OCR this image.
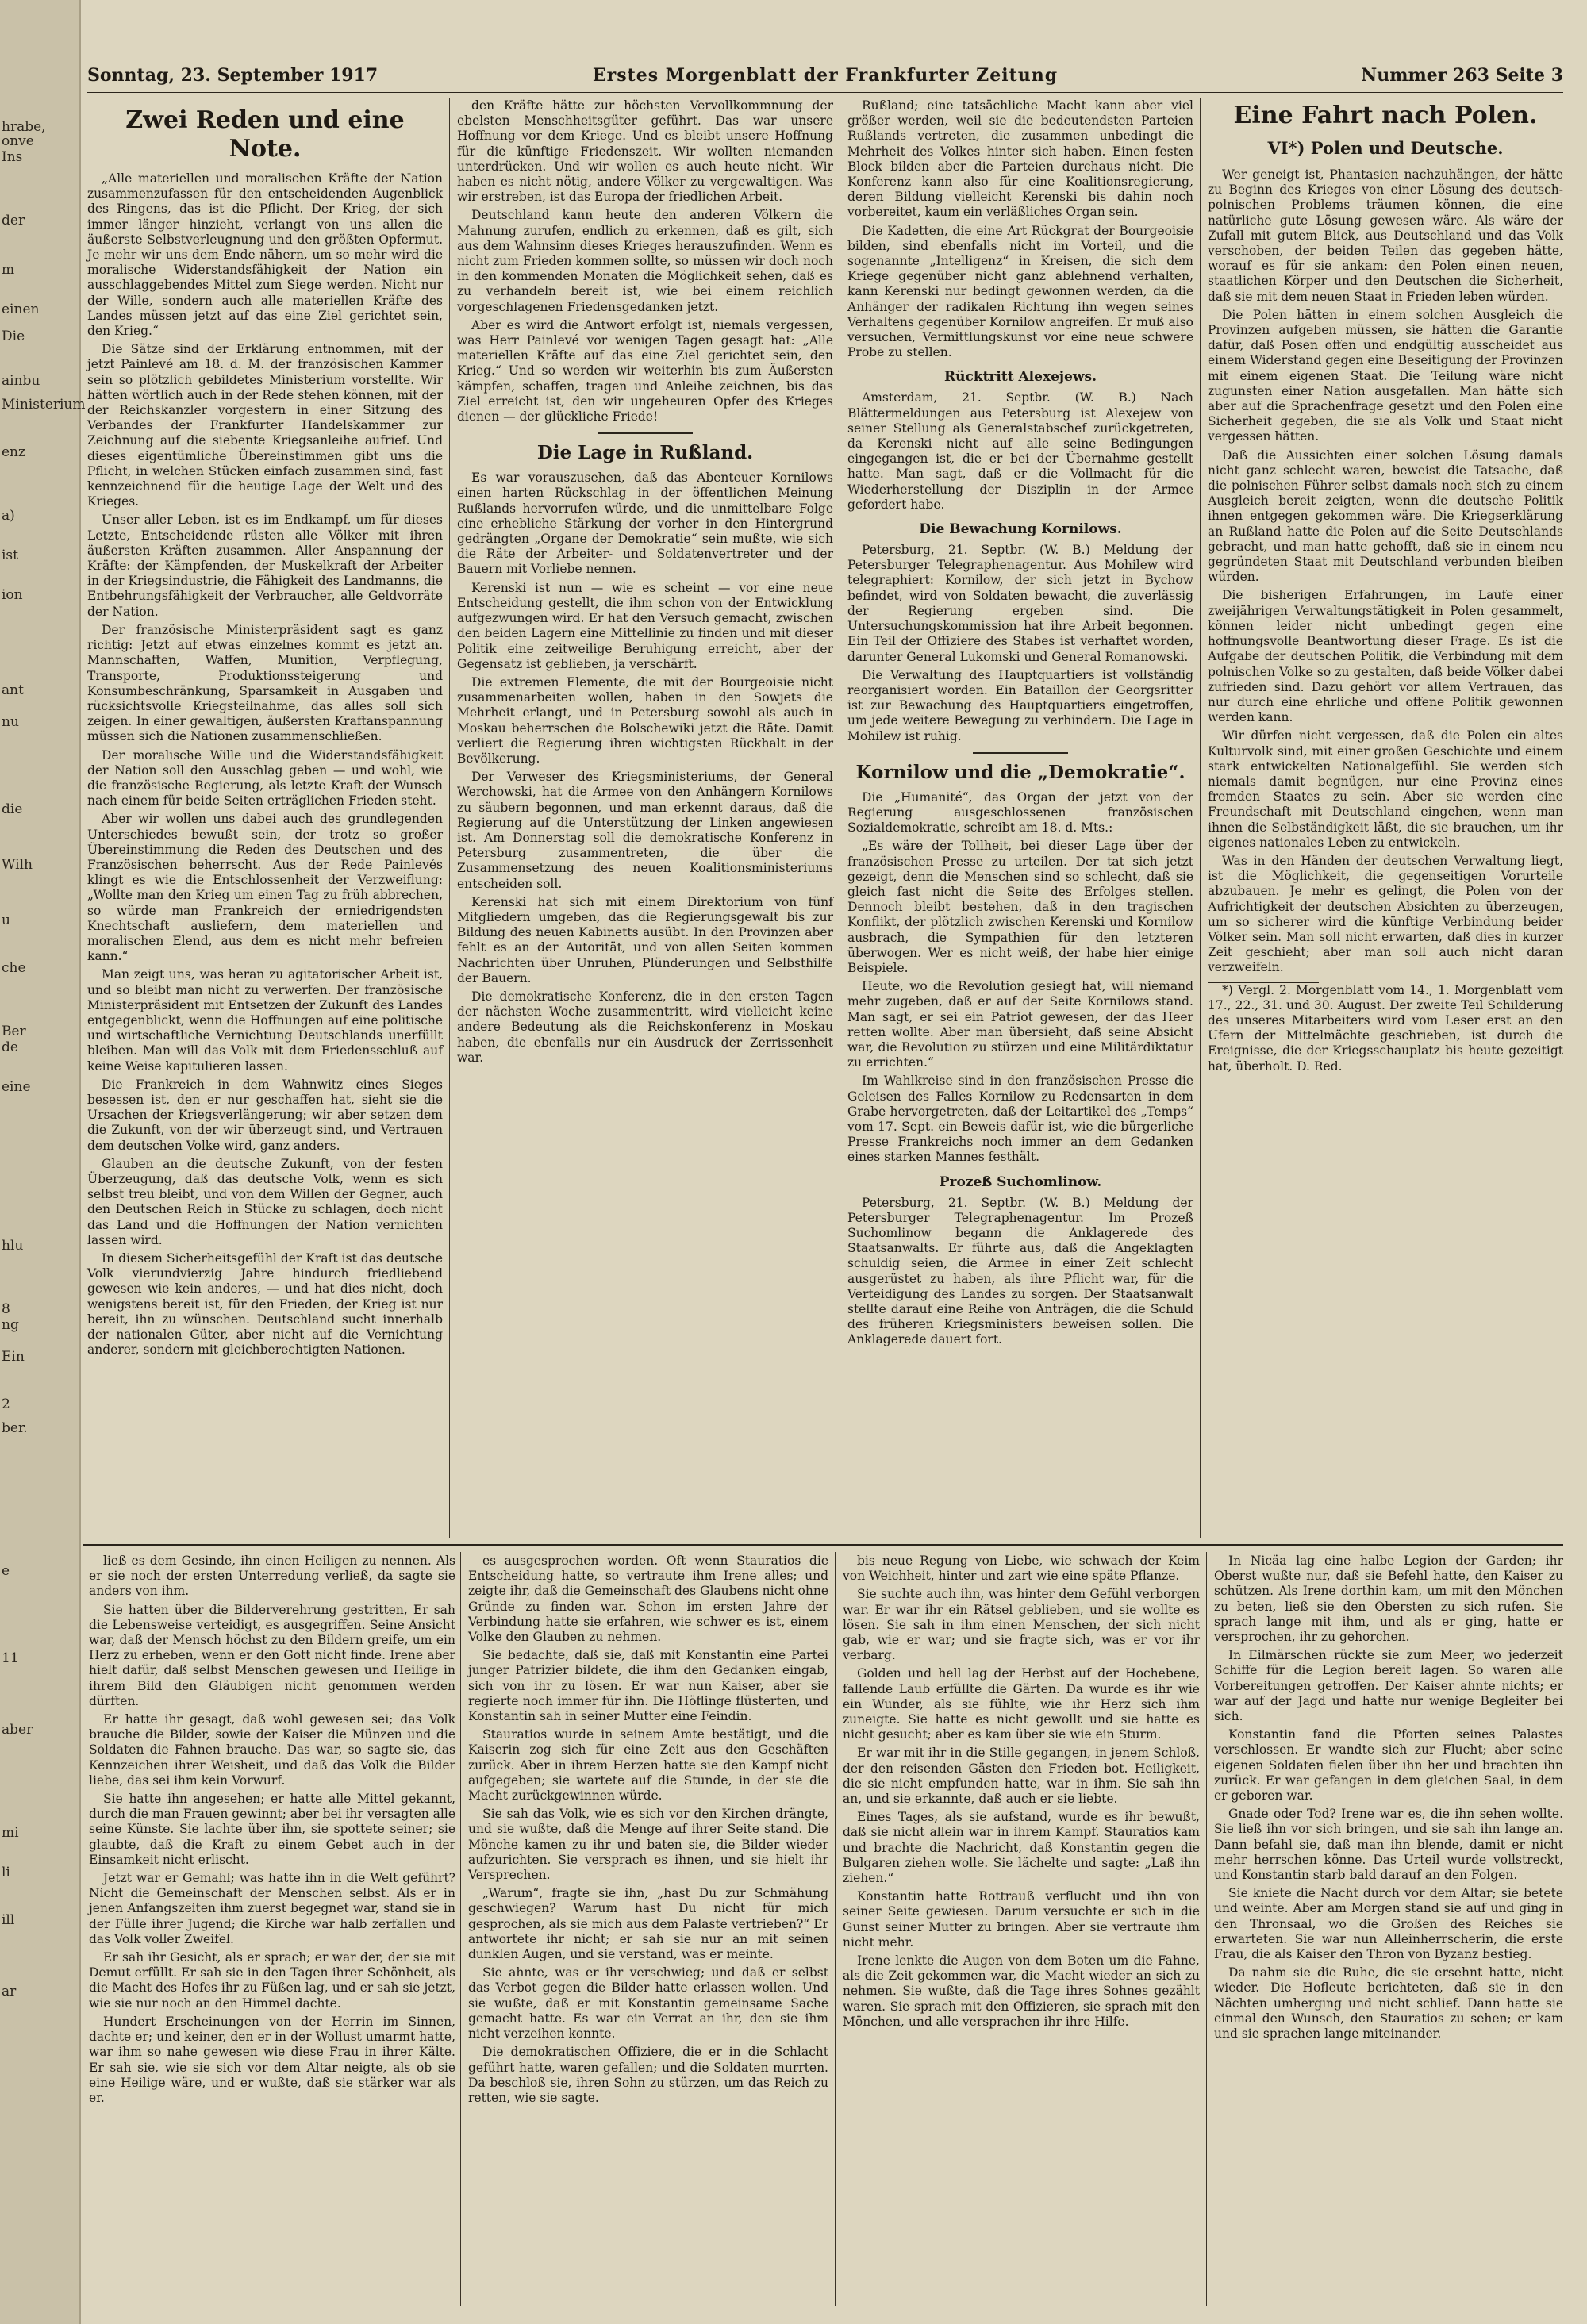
hrabe,
onve
Ins
der
m
einen
Die
ainbu
Ministerium
enz
a)
ist
ion
ant
nu
die
Wilh
u
che
Ber
de
eine
hlu
8
ng
Ein
2
ber.
e
11
aber
mi
li
ill
ar
Sonntag, 23. September 1917	Erstes Morgenblatt der Frankfurter Zeitung	Nummer 263 Seite 3
Zwei Reden und eine Note.

„Alle materiellen und moralischen Kräfte der Nation zusammenzufassen für den entscheidenden Augenblick des Ringens, das ist die Pflicht. Der Krieg, der sich immer länger hinzieht, verlangt von uns allen die äußerste Selbstverleugnung und den größten Opfermut. Je mehr wir uns dem Ende nähern, um so mehr wird die moralische Widerstandsfähigkeit der Nation ein ausschlaggebendes Mittel zum Siege werden. Nicht nur der Wille, sondern auch alle materiellen Kräfte des Landes müssen jetzt auf das eine Ziel gerichtet sein, den Krieg.“

Die Sätze sind der Erklärung entnommen, mit der jetzt Painlevé am 18. d. M. der französischen Kammer sein so plötzlich gebildetes Ministerium vorstellte. Wir hätten wörtlich auch in der Rede stehen können, mit der der Reichskanzler vorgestern in einer Sitzung des Verbandes der Frankfurter Handelskammer zur Zeichnung auf die siebente Kriegsanleihe aufrief. Und dieses eigentümliche Übereinstimmen gibt uns die Pflicht, in welchen Stücken einfach zusammen sind, fast kennzeichnend für die heutige Lage der Welt und des Krieges.

Unser aller Leben, ist es im Endkampf, um für dieses Letzte, Entscheidende rüsten alle Völker mit ihren äußersten Kräften zusammen. Aller Anspannung der Kräfte: der Kämpfenden, der Muskelkraft der Arbeiter in der Kriegsindustrie, die Fähigkeit des Landmanns, die Entbehrungsfähigkeit der Verbraucher, alle Geldvorräte der Nation.

Der französische Ministerpräsident sagt es ganz richtig: Jetzt auf etwas einzelnes kommt es jetzt an. Mannschaften, Waffen, Munition, Verpflegung, Transporte, Produktionssteigerung und Konsumbeschränkung, Sparsamkeit in Ausgaben und rücksichtsvolle Kriegsteilnahme, das alles soll sich zeigen. In einer gewaltigen, äußersten Kraftanspannung müssen sich die Nationen zusammenschließen.

Der moralische Wille und die Widerstandsfähigkeit der Nation soll den Ausschlag geben — und wohl, wie die französische Regierung, als letzte Kraft der Wunsch nach einem für beide Seiten erträglichen Frieden steht.

Aber wir wollen uns dabei auch des grundlegenden Unterschiedes bewußt sein, der trotz so großer Übereinstimmung die Reden des Deutschen und des Französischen beherrscht. Aus der Rede Painlevés klingt es wie die Entschlossenheit der Verzweiflung: „Wollte man den Krieg um einen Tag zu früh abbrechen, so würde man Frankreich der erniedrigendsten Knechtschaft ausliefern, dem materiellen und moralischen Elend, aus dem es nicht mehr befreien kann.“

Man zeigt uns, was heran zu agitatorischer Arbeit ist, und so bleibt man nicht zu verwerfen. Der französische Ministerpräsident mit Entsetzen der Zukunft des Landes entgegenblickt, wenn die Hoffnungen auf eine politische und wirtschaftliche Vernichtung Deutschlands unerfüllt bleiben. Man will das Volk mit dem Friedensschluß auf keine Weise kapitulieren lassen.

Die Frankreich in dem Wahnwitz eines Sieges besessen ist, den er nur geschaffen hat, sieht sie die Ursachen der Kriegsverlängerung; wir aber setzen dem die Zukunft, von der wir überzeugt sind, und Vertrauen dem deutschen Volke wird, ganz anders.

Glauben an die deutsche Zukunft, von der festen Überzeugung, daß das deutsche Volk, wenn es sich selbst treu bleibt, und von dem Willen der Gegner, auch den Deutschen Reich in Stücke zu schlagen, doch nicht das Land und die Hoffnungen der Nation vernichten lassen wird.

In diesem Sicherheitsgefühl der Kraft ist das deutsche Volk vierundvierzig Jahre hindurch friedliebend gewesen wie kein anderes, — und hat dies nicht, doch wenigstens bereit ist, für den Frieden, der Krieg ist nur bereit, ihn zu wünschen. Deutschland sucht innerhalb der nationalen Güter, aber nicht auf die Vernichtung anderer, sondern mit gleichberechtigten Nationen.

den Kräfte hätte zur höchsten Vervollkommnung der ebelsten Menschheitsgüter geführt. Das war unsere Hoffnung vor dem Kriege. Und es bleibt unsere Hoffnung für die künftige Friedenszeit. Wir wollten niemanden unterdrücken. Und wir wollen es auch heute nicht. Wir haben es nicht nötig, andere Völker zu vergewaltigen. Was wir erstreben, ist das Europa der friedlichen Arbeit.

Deutschland kann heute den anderen Völkern die Mahnung zurufen, endlich zu erkennen, daß es gilt, sich aus dem Wahnsinn dieses Krieges herauszufinden. Wenn es nicht zum Frieden kommen sollte, so müssen wir doch noch in den kommenden Monaten die Möglichkeit sehen, daß es zu verhandeln bereit ist, wie bei einem reichlich vorgeschlagenen Friedensgedanken jetzt.

Aber es wird die Antwort erfolgt ist, niemals vergessen, was Herr Painlevé vor wenigen Tagen gesagt hat: „Alle materiellen Kräfte auf das eine Ziel gerichtet sein, den Krieg.“ Und so werden wir weiterhin bis zum Äußersten kämpfen, schaffen, tragen und Anleihe zeichnen, bis das Ziel erreicht ist, den wir ungeheuren Opfer des Krieges dienen — der glückliche Friede!

Die Lage in Rußland.

Es war vorauszusehen, daß das Abenteuer Kornilows einen harten Rückschlag in der öffentlichen Meinung Rußlands hervorrufen würde, und die unmittelbare Folge eine erhebliche Stärkung der vorher in den Hintergrund gedrängten „Organe der Demokratie“ sein mußte, wie sich die Räte der Arbeiter- und Soldatenvertreter und der Bauern mit Vorliebe nennen.

Kerenski ist nun — wie es scheint — vor eine neue Entscheidung gestellt, die ihm schon von der Entwicklung aufgezwungen wird. Er hat den Versuch gemacht, zwischen den beiden Lagern eine Mittellinie zu finden und mit dieser Politik eine zeitweilige Beruhigung erreicht, aber der Gegensatz ist geblieben, ja verschärft.

Die extremen Elemente, die mit der Bourgeoisie nicht zusammenarbeiten wollen, haben in den Sowjets die Mehrheit erlangt, und in Petersburg sowohl als auch in Moskau beherrschen die Bolschewiki jetzt die Räte. Damit verliert die Regierung ihren wichtigsten Rückhalt in der Bevölkerung.

Der Verweser des Kriegsministeriums, der General Werchowski, hat die Armee von den Anhängern Kornilows zu säubern begonnen, und man erkennt daraus, daß die Regierung auf die Unterstützung der Linken angewiesen ist. Am Donnerstag soll die demokratische Konferenz in Petersburg zusammentreten, die über die Zusammensetzung des neuen Koalitionsministeriums entscheiden soll.

Kerenski hat sich mit einem Direktorium von fünf Mitgliedern umgeben, das die Regierungsgewalt bis zur Bildung des neuen Kabinetts ausübt. In den Provinzen aber fehlt es an der Autorität, und von allen Seiten kommen Nachrichten über Unruhen, Plünderungen und Selbsthilfe der Bauern.

Die demokratische Konferenz, die in den ersten Tagen der nächsten Woche zusammentritt, wird vielleicht keine andere Bedeutung als die Reichskonferenz in Moskau haben, die ebenfalls nur ein Ausdruck der Zerrissenheit war.

Rußland; eine tatsächliche Macht kann aber viel größer werden, weil sie die bedeutendsten Parteien Rußlands vertreten, die zusammen unbedingt die Mehrheit des Volkes hinter sich haben. Einen festen Block bilden aber die Parteien durchaus nicht. Die Konferenz kann also für eine Koalitionsregierung, deren Bildung vielleicht Kerenski bis dahin noch vorbereitet, kaum ein verläßliches Organ sein.

Die Kadetten, die eine Art Rückgrat der Bourgeoisie bilden, sind ebenfalls nicht im Vorteil, und die sogenannte „Intelligenz“ in Kreisen, die sich dem Kriege gegenüber nicht ganz ablehnend verhalten, kann Kerenski nur bedingt gewonnen werden, da die Anhänger der radikalen Richtung ihn wegen seines Verhaltens gegenüber Kornilow angreifen. Er muß also versuchen, Vermittlungskunst vor eine neue schwere Probe zu stellen.

Rücktritt Alexejews.

Amsterdam, 21. Septbr. (W. B.) Nach Blättermeldungen aus Petersburg ist Alexejew von seiner Stellung als Generalstabschef zurückgetreten, da Kerenski nicht auf alle seine Bedingungen eingegangen ist, die er bei der Übernahme gestellt hatte. Man sagt, daß er die Vollmacht für die Wiederherstellung der Disziplin in der Armee gefordert habe.

Die Bewachung Kornilows.

Petersburg, 21. Septbr. (W. B.) Meldung der Petersburger Telegraphenagentur. Aus Mohilew wird telegraphiert: Kornilow, der sich jetzt in Bychow befindet, wird von Soldaten bewacht, die zuverlässig der Regierung ergeben sind. Die Untersuchungskommission hat ihre Arbeit begonnen. Ein Teil der Offiziere des Stabes ist verhaftet worden, darunter General Lukomski und General Romanowski.

Die Verwaltung des Hauptquartiers ist vollständig reorganisiert worden. Ein Bataillon der Georgsritter ist zur Bewachung des Hauptquartiers eingetroffen, um jede weitere Bewegung zu verhindern. Die Lage in Mohilew ist ruhig.

Kornilow und die „Demokratie“.

Die „Humanité“, das Organ der jetzt von der Regierung ausgeschlossenen französischen Sozialdemokratie, schreibt am 18. d. Mts.:

„Es wäre der Tollheit, bei dieser Lage über der französischen Presse zu urteilen. Der tat sich jetzt gezeigt, denn die Menschen sind so schlecht, daß sie gleich fast nicht die Seite des Erfolges stellen. Dennoch bleibt bestehen, daß in den tragischen Konflikt, der plötzlich zwischen Kerenski und Kornilow ausbrach, die Sympathien für den letzteren überwogen. Wer es nicht weiß, der habe hier einige Beispiele.

Heute, wo die Revolution gesiegt hat, will niemand mehr zugeben, daß er auf der Seite Kornilows stand. Man sagt, er sei ein Patriot gewesen, der das Heer retten wollte. Aber man übersieht, daß seine Absicht war, die Revolution zu stürzen und eine Militärdiktatur zu errichten.“

Im Wahlkreise sind in den französischen Presse die Geleisen des Falles Kornilow zu Redensarten in dem Grabe hervorgetreten, daß der Leitartikel des „Temps“ vom 17. Sept. ein Beweis dafür ist, wie die bürgerliche Presse Frankreichs noch immer an dem Gedanken eines starken Mannes festhält.

Prozeß Suchomlinow.

Petersburg, 21. Septbr. (W. B.) Meldung der Petersburger Telegraphenagentur. Im Prozeß Suchomlinow begann die Anklagerede des Staatsanwalts. Er führte aus, daß die Angeklagten schuldig seien, die Armee in einer Zeit schlecht ausgerüstet zu haben, als ihre Pflicht war, für die Verteidigung des Landes zu sorgen. Der Staatsanwalt stellte darauf eine Reihe von Anträgen, die die Schuld des früheren Kriegsministers beweisen sollen. Die Anklagerede dauert fort.

Eine Fahrt nach Polen.
VI*) Polen und Deutsche.

Wer geneigt ist, Phantasien nachzuhängen, der hätte zu Beginn des Krieges von einer Lösung des deutsch-polnischen Problems träumen können, die eine natürliche gute Lösung gewesen wäre. Als wäre der Zufall mit gutem Blick, aus Deutschland und das Volk verschoben, der beiden Teilen das gegeben hätte, worauf es für sie ankam: den Polen einen neuen, staatlichen Körper und den Deutschen die Sicherheit, daß sie mit dem neuen Staat in Frieden leben würden.

Die Polen hätten in einem solchen Ausgleich die Provinzen aufgeben müssen, sie hätten die Garantie dafür, daß Posen offen und endgültig ausscheidet aus einem Widerstand gegen eine Beseitigung der Provinzen mit einem eigenen Staat. Die Teilung wäre nicht zugunsten einer Nation ausgefallen. Man hätte sich aber auf die Sprachenfrage gesetzt und den Polen eine Sicherheit gegeben, die sie als Volk und Staat nicht vergessen hätten.

Daß die Aussichten einer solchen Lösung damals nicht ganz schlecht waren, beweist die Tatsache, daß die polnischen Führer selbst damals noch sich zu einem Ausgleich bereit zeigten, wenn die deutsche Politik ihnen entgegen gekommen wäre. Die Kriegserklärung an Rußland hatte die Polen auf die Seite Deutschlands gebracht, und man hatte gehofft, daß sie in einem neu gegründeten Staat mit Deutschland verbunden bleiben würden.

Die bisherigen Erfahrungen, im Laufe einer zweijährigen Verwaltungstätigkeit in Polen gesammelt, können leider nicht unbedingt gegen eine hoffnungsvolle Beantwortung dieser Frage. Es ist die Aufgabe der deutschen Politik, die Verbindung mit dem polnischen Volke so zu gestalten, daß beide Völker dabei zufrieden sind. Dazu gehört vor allem Vertrauen, das nur durch eine ehrliche und offene Politik gewonnen werden kann.

Wir dürfen nicht vergessen, daß die Polen ein altes Kulturvolk sind, mit einer großen Geschichte und einem stark entwickelten Nationalgefühl. Sie werden sich niemals damit begnügen, nur eine Provinz eines fremden Staates zu sein. Aber sie werden eine Freundschaft mit Deutschland eingehen, wenn man ihnen die Selbständigkeit läßt, die sie brauchen, um ihr eigenes nationales Leben zu entwickeln.

Was in den Händen der deutschen Verwaltung liegt, ist die Möglichkeit, die gegenseitigen Vorurteile abzubauen. Je mehr es gelingt, die Polen von der Aufrichtigkeit der deutschen Absichten zu überzeugen, um so sicherer wird die künftige Verbindung beider Völker sein. Man soll nicht erwarten, daß dies in kurzer Zeit geschieht; aber man soll auch nicht daran verzweifeln.

*) Vergl. 2. Morgenblatt vom 14., 1. Morgenblatt vom 17., 22., 31. und 30. August. Der zweite Teil Schilderung des unseres Mitarbeiters wird vom Leser erst an den Ufern der Mittelmächte geschrieben, ist durch die Ereignisse, die der Kriegsschauplatz bis heute gezeitigt hat, überholt. D. Red.

ließ es dem Gesinde, ihn einen Heiligen zu nennen. Als er sie noch der ersten Unterredung verließ, da sagte sie anders von ihm.

Sie hatten über die Bilderverehrung gestritten, Er sah die Lebensweise verteidigt, es ausgegriffen. Seine Ansicht war, daß der Mensch höchst zu den Bildern greife, um ein Herz zu erheben, wenn er den Gott nicht finde. Irene aber hielt dafür, daß selbst Menschen gewesen und Heilige in ihrem Bild den Gläubigen nicht genommen werden dürften.

Er hatte ihr gesagt, daß wohl gewesen sei; das Volk brauche die Bilder, sowie der Kaiser die Münzen und die Soldaten die Fahnen brauche. Das war, so sagte sie, das Kennzeichen ihrer Weisheit, und daß das Volk die Bilder liebe, das sei ihm kein Vorwurf.

Sie hatte ihn angesehen; er hatte alle Mittel gekannt, durch die man Frauen gewinnt; aber bei ihr versagten alle seine Künste. Sie lachte über ihn, sie spottete seiner; sie glaubte, daß die Kraft zu einem Gebet auch in der Einsamkeit nicht erlischt.

Jetzt war er Gemahl; was hatte ihn in die Welt geführt? Nicht die Gemeinschaft der Menschen selbst. Als er in jenen Anfangszeiten ihm zuerst begegnet war, stand sie in der Fülle ihrer Jugend; die Kirche war halb zerfallen und das Volk voller Zweifel.

Er sah ihr Gesicht, als er sprach; er war der, der sie mit Demut erfüllt. Er sah sie in den Tagen ihrer Schönheit, als die Macht des Hofes ihr zu Füßen lag, und er sah sie jetzt, wie sie nur noch an den Himmel dachte.

Hundert Erscheinungen von der Herrin im Sinnen, dachte er; und keiner, den er in der Wollust umarmt hatte, war ihm so nahe gewesen wie diese Frau in ihrer Kälte. Er sah sie, wie sie sich vor dem Altar neigte, als ob sie eine Heilige wäre, und er wußte, daß sie stärker war als er.

es ausgesprochen worden. Oft wenn Stauratios die Entscheidung hatte, so vertraute ihm Irene alles; und zeigte ihr, daß die Gemeinschaft des Glaubens nicht ohne Gründe zu finden war. Schon im ersten Jahre der Verbindung hatte sie erfahren, wie schwer es ist, einem Volke den Glauben zu nehmen.

Sie bedachte, daß sie, daß mit Konstantin eine Partei junger Patrizier bildete, die ihm den Gedanken eingab, sich von ihr zu lösen. Er war nun Kaiser, aber sie regierte noch immer für ihn. Die Höflinge flüsterten, und Konstantin sah in seiner Mutter eine Feindin.

Stauratios wurde in seinem Amte bestätigt, und die Kaiserin zog sich für eine Zeit aus den Geschäften zurück. Aber in ihrem Herzen hatte sie den Kampf nicht aufgegeben; sie wartete auf die Stunde, in der sie die Macht zurückgewinnen würde.

Sie sah das Volk, wie es sich vor den Kirchen drängte, und sie wußte, daß die Menge auf ihrer Seite stand. Die Mönche kamen zu ihr und baten sie, die Bilder wieder aufzurichten. Sie versprach es ihnen, und sie hielt ihr Versprechen.

„Warum“, fragte sie ihn, „hast Du zur Schmähung geschwiegen? Warum hast Du nicht für mich gesprochen, als sie mich aus dem Palaste vertrieben?“ Er antwortete ihr nicht; er sah sie nur an mit seinen dunklen Augen, und sie verstand, was er meinte.

Sie ahnte, was er ihr verschwieg; und daß er selbst das Verbot gegen die Bilder hatte erlassen wollen. Und sie wußte, daß er mit Konstantin gemeinsame Sache gemacht hatte. Es war ein Verrat an ihr, den sie ihm nicht verzeihen konnte.

Die demokratischen Offiziere, die er in die Schlacht geführt hatte, waren gefallen; und die Soldaten murrten. Da beschloß sie, ihren Sohn zu stürzen, um das Reich zu retten, wie sie sagte.

bis neue Regung von Liebe, wie schwach der Keim von Weichheit, hinter und zart wie eine späte Pflanze.

Sie suchte auch ihn, was hinter dem Gefühl verborgen war. Er war ihr ein Rätsel geblieben, und sie wollte es lösen. Sie sah in ihm einen Menschen, der sich nicht gab, wie er war; und sie fragte sich, was er vor ihr verbarg.

Golden und hell lag der Herbst auf der Hochebene, fallende Laub erfüllte die Gärten. Da wurde es ihr wie ein Wunder, als sie fühlte, wie ihr Herz sich ihm zuneigte. Sie hatte es nicht gewollt und sie hatte es nicht gesucht; aber es kam über sie wie ein Sturm.

Er war mit ihr in die Stille gegangen, in jenem Schloß, der den reisenden Gästen den Frieden bot. Heiligkeit, die sie nicht empfunden hatte, war in ihm. Sie sah ihn an, und sie erkannte, daß auch er sie liebte.

Eines Tages, als sie aufstand, wurde es ihr bewußt, daß sie nicht allein war in ihrem Kampf. Stauratios kam und brachte die Nachricht, daß Konstantin gegen die Bulgaren ziehen wolle. Sie lächelte und sagte: „Laß ihn ziehen.“

Konstantin hatte Rottrauß verflucht und ihn von seiner Seite gewiesen. Darum versuchte er sich in die Gunst seiner Mutter zu bringen. Aber sie vertraute ihm nicht mehr.

Irene lenkte die Augen von dem Boten um die Fahne, als die Zeit gekommen war, die Macht wieder an sich zu nehmen. Sie wußte, daß die Tage ihres Sohnes gezählt waren. Sie sprach mit den Offizieren, sie sprach mit den Mönchen, und alle versprachen ihr ihre Hilfe.

In Nicäa lag eine halbe Legion der Garden; ihr Oberst wußte nur, daß sie Befehl hatte, den Kaiser zu schützen. Als Irene dorthin kam, um mit den Mönchen zu beten, ließ sie den Obersten zu sich rufen. Sie sprach lange mit ihm, und als er ging, hatte er versprochen, ihr zu gehorchen.

In Eilmärschen rückte sie zum Meer, wo jederzeit Schiffe für die Legion bereit lagen. So waren alle Vorbereitungen getroffen. Der Kaiser ahnte nichts; er war auf der Jagd und hatte nur wenige Begleiter bei sich.

Konstantin fand die Pforten seines Palastes verschlossen. Er wandte sich zur Flucht; aber seine eigenen Soldaten fielen über ihn her und brachten ihn zurück. Er war gefangen in dem gleichen Saal, in dem er geboren war.

Gnade oder Tod? Irene war es, die ihn sehen wollte. Sie ließ ihn vor sich bringen, und sie sah ihn lange an. Dann befahl sie, daß man ihn blende, damit er nicht mehr herrschen könne. Das Urteil wurde vollstreckt, und Konstantin starb bald darauf an den Folgen.

Sie kniete die Nacht durch vor dem Altar; sie betete und weinte. Aber am Morgen stand sie auf und ging in den Thronsaal, wo die Großen des Reiches sie erwarteten. Sie war nun Alleinherrscherin, die erste Frau, die als Kaiser den Thron von Byzanz bestieg.

Da nahm sie die Ruhe, die sie ersehnt hatte, nicht wieder. Die Hofleute berichteten, daß sie in den Nächten umherging und nicht schlief. Dann hatte sie einmal den Wunsch, den Stauratios zu sehen; er kam und sie sprachen lange miteinander.
